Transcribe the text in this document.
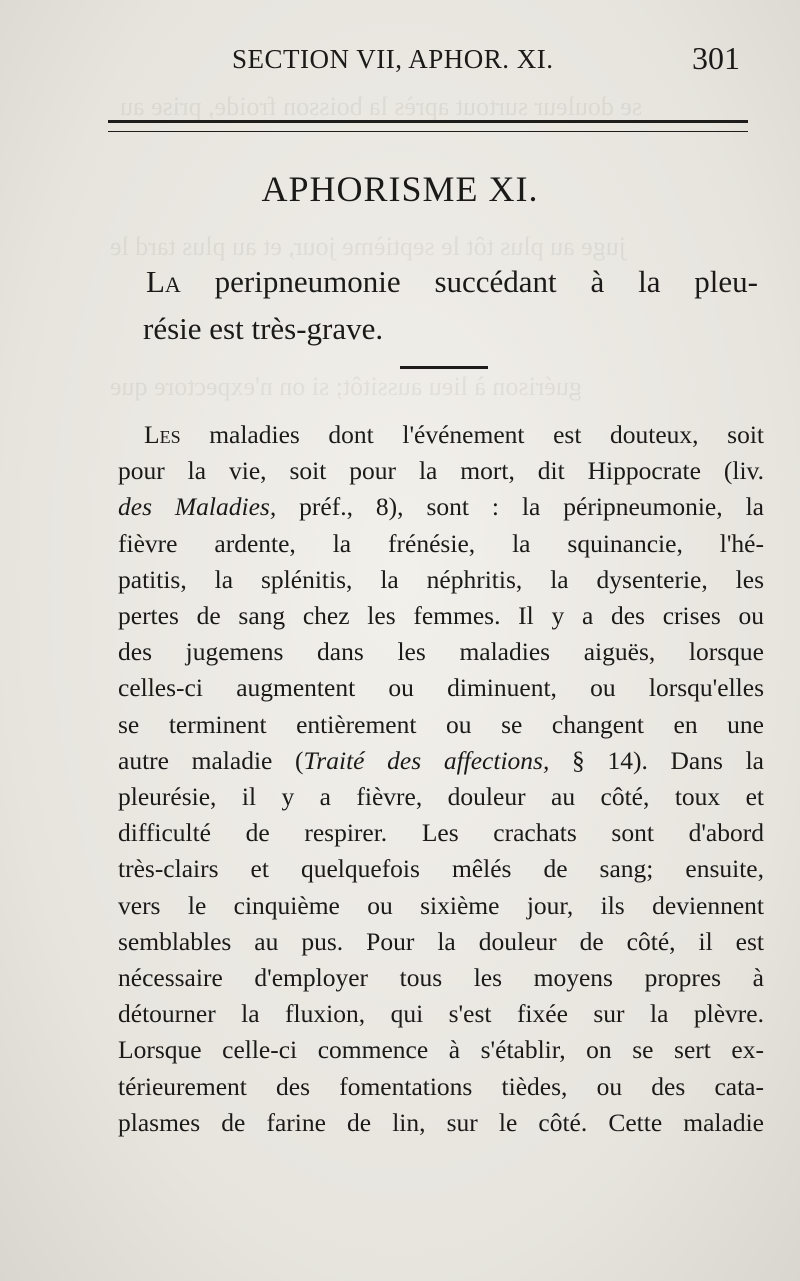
se douleur surtout après la boisson froide, prise au
juge au plus tôt le septième jour, et au plus tard le
guérison à lieu aussitôt; si on n'expectore que
SECTION VII, APHOR. XI.	301
APHORISME XI.
La peripneumonie succédant à la pleu-
résie est très-grave.
Les maladies dont l'événement est douteux, soit
pour la vie, soit pour la mort, dit Hippocrate (liv.
des Maladies, préf., 8), sont : la péripneumonie, la
fièvre ardente, la frénésie, la squinancie, l'hé-
patitis, la splénitis, la néphritis, la dysenterie, les
pertes de sang chez les femmes. Il y a des crises ou
des jugemens dans les maladies aiguës, lorsque
celles-ci augmentent ou diminuent, ou lorsqu'elles
se terminent entièrement ou se changent en une
autre maladie (Traité des affections, § 14). Dans la
pleurésie, il y a fièvre, douleur au côté, toux et
difficulté de respirer. Les crachats sont d'abord
très-clairs et quelquefois mêlés de sang; ensuite,
vers le cinquième ou sixième jour, ils deviennent
semblables au pus. Pour la douleur de côté, il est
nécessaire d'employer tous les moyens propres à
détourner la fluxion, qui s'est fixée sur la plèvre.
Lorsque celle-ci commence à s'établir, on se sert ex-
térieurement des fomentations tièdes, ou des cata-
plasmes de farine de lin, sur le côté. Cette maladie
